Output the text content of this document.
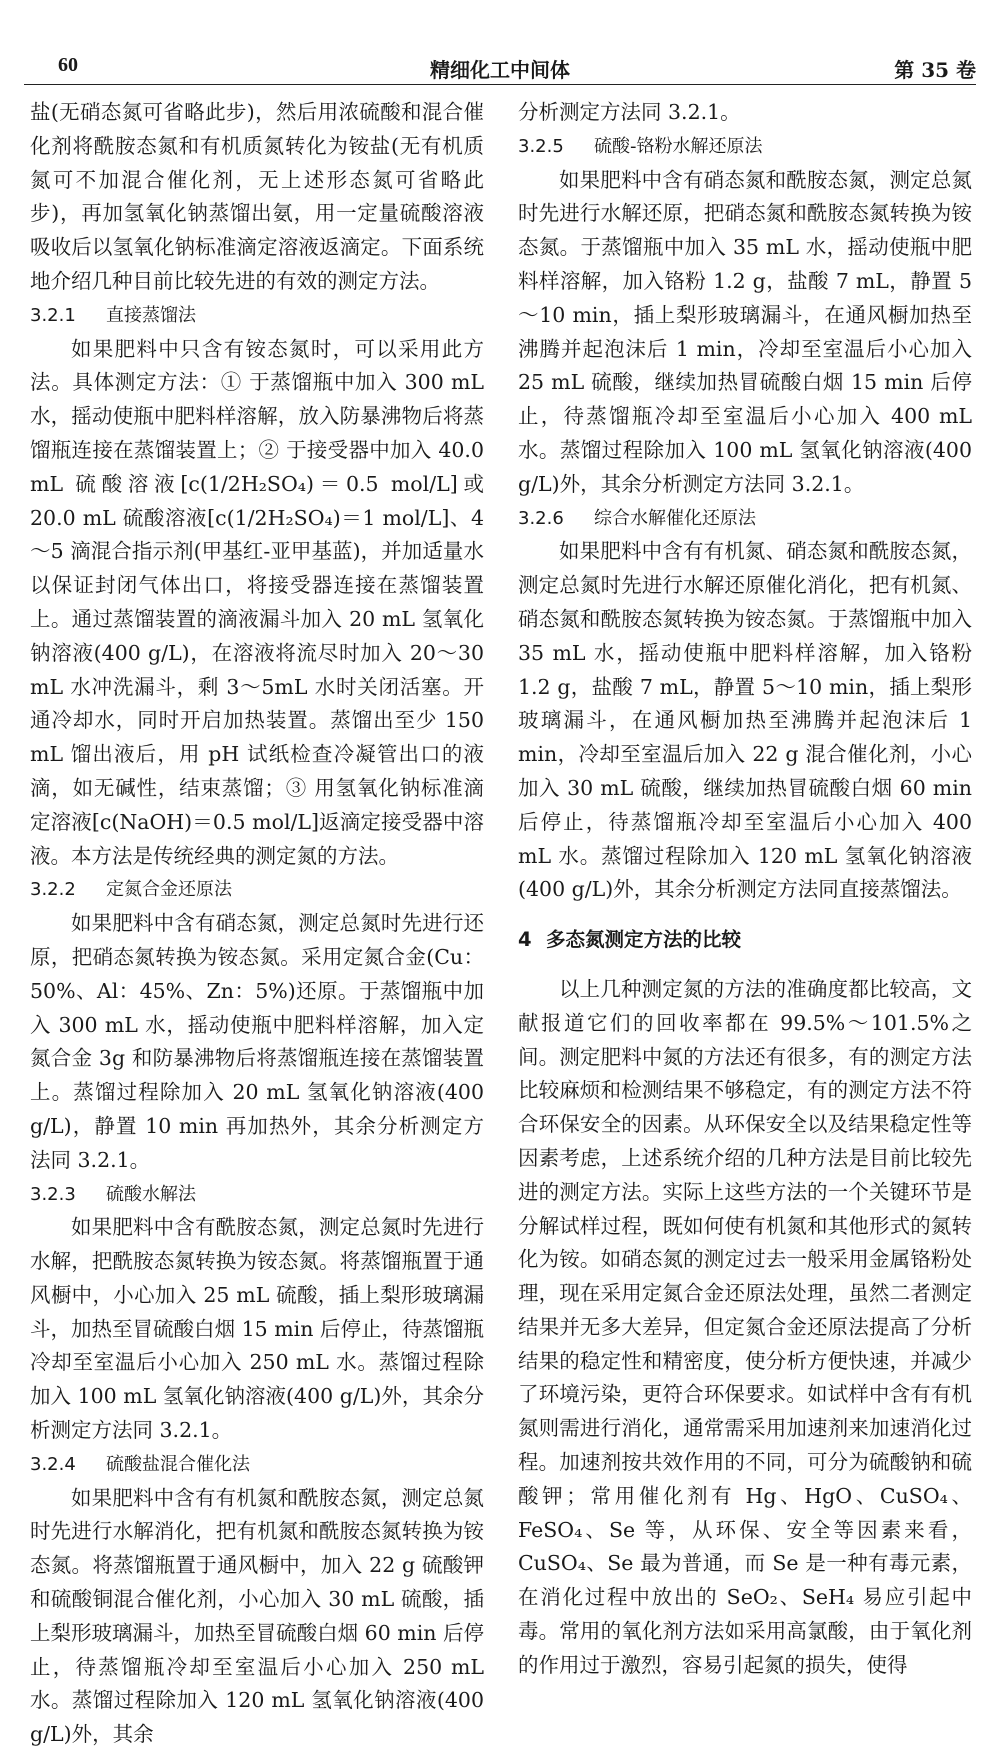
60	精细化工中间体	第 35 卷

盐(无硝态氮可省略此步)，然后用浓硫酸和混合催化剂将酰胺态氮和有机质氮转化为铵盐(无有机质氮可不加混合催化剂，无上述形态氮可省略此步)，再加氢氧化钠蒸馏出氨，用一定量硫酸溶液吸收后以氢氧化钠标准滴定溶液返滴定。下面系统地介绍几种目前比较先进的有效的测定方法。

3.2.1 直接蒸馏法

如果肥料中只含有铵态氮时，可以采用此方法。具体测定方法：① 于蒸馏瓶中加入 300 mL 水，摇动使瓶中肥料样溶解，放入防暴沸物后将蒸馏瓶连接在蒸馏装置上；② 于接受器中加入 40.0 mL 硫酸溶液[c(1/2H₂SO₄)＝0.5 mol/L]或 20.0 mL 硫酸溶液[c(1/2H₂SO₄)＝1 mol/L]、4～5 滴混合指示剂(甲基红-亚甲基蓝)，并加适量水以保证封闭气体出口，将接受器连接在蒸馏装置上。通过蒸馏装置的滴液漏斗加入 20 mL 氢氧化钠溶液(400 g/L)，在溶液将流尽时加入 20～30 mL 水冲洗漏斗，剩 3～5mL 水时关闭活塞。开通冷却水，同时开启加热装置。蒸馏出至少 150 mL 馏出液后，用 pH 试纸检查冷凝管出口的液滴，如无碱性，结束蒸馏；③ 用氢氧化钠标准滴定溶液[c(NaOH)＝0.5 mol/L]返滴定接受器中溶液。本方法是传统经典的测定氮的方法。

3.2.2 定氮合金还原法

如果肥料中含有硝态氮，测定总氮时先进行还原，把硝态氮转换为铵态氮。采用定氮合金(Cu：50%、Al：45%、Zn：5%)还原。于蒸馏瓶中加入 300 mL 水，摇动使瓶中肥料样溶解，加入定氮合金 3g 和防暴沸物后将蒸馏瓶连接在蒸馏装置上。蒸馏过程除加入 20 mL 氢氧化钠溶液(400 g/L)，静置 10 min 再加热外，其余分析测定方法同 3.2.1。

3.2.3 硫酸水解法

如果肥料中含有酰胺态氮，测定总氮时先进行水解，把酰胺态氮转换为铵态氮。将蒸馏瓶置于通风橱中，小心加入 25 mL 硫酸，插上梨形玻璃漏斗，加热至冒硫酸白烟 15 min 后停止，待蒸馏瓶冷却至室温后小心加入 250 mL 水。蒸馏过程除加入 100 mL 氢氧化钠溶液(400 g/L)外，其余分析测定方法同 3.2.1。

3.2.4 硫酸盐混合催化法

如果肥料中含有有机氮和酰胺态氮，测定总氮时先进行水解消化，把有机氮和酰胺态氮转换为铵态氮。将蒸馏瓶置于通风橱中，加入 22 g 硫酸钾和硫酸铜混合催化剂，小心加入 30 mL 硫酸，插上梨形玻璃漏斗，加热至冒硫酸白烟 60 min 后停止，待蒸馏瓶冷却至室温后小心加入 250 mL 水。蒸馏过程除加入 120 mL 氢氧化钠溶液(400 g/L)外，其余

分析测定方法同 3.2.1。

3.2.5 硫酸-铬粉水解还原法

如果肥料中含有硝态氮和酰胺态氮，测定总氮时先进行水解还原，把硝态氮和酰胺态氮转换为铵态氮。于蒸馏瓶中加入 35 mL 水，摇动使瓶中肥料样溶解，加入铬粉 1.2 g，盐酸 7 mL，静置 5～10 min，插上梨形玻璃漏斗，在通风橱加热至沸腾并起泡沫后 1 min，冷却至室温后小心加入 25 mL 硫酸，继续加热冒硫酸白烟 15 min 后停止，待蒸馏瓶冷却至室温后小心加入 400 mL 水。蒸馏过程除加入 100 mL 氢氧化钠溶液(400 g/L)外，其余分析测定方法同 3.2.1。

3.2.6 综合水解催化还原法

如果肥料中含有有机氮、硝态氮和酰胺态氮，测定总氮时先进行水解还原催化消化，把有机氮、硝态氮和酰胺态氮转换为铵态氮。于蒸馏瓶中加入 35 mL 水，摇动使瓶中肥料样溶解，加入铬粉 1.2 g，盐酸 7 mL，静置 5～10 min，插上梨形玻璃漏斗，在通风橱加热至沸腾并起泡沫后 1 min，冷却至室温后加入 22 g 混合催化剂，小心加入 30 mL 硫酸，继续加热冒硫酸白烟 60 min 后停止，待蒸馏瓶冷却至室温后小心加入 400 mL 水。蒸馏过程除加入 120 mL 氢氧化钠溶液(400 g/L)外，其余分析测定方法同直接蒸馏法。

4 多态氮测定方法的比较

以上几种测定氮的方法的准确度都比较高，文献报道它们的回收率都在 99.5%～101.5%之间。测定肥料中氮的方法还有很多，有的测定方法比较麻烦和检测结果不够稳定，有的测定方法不符合环保安全的因素。从环保安全以及结果稳定性等因素考虑，上述系统介绍的几种方法是目前比较先进的测定方法。实际上这些方法的一个关键环节是分解试样过程，既如何使有机氮和其他形式的氮转化为铵。如硝态氮的测定过去一般采用金属铬粉处理，现在采用定氮合金还原法处理，虽然二者测定结果并无多大差异，但定氮合金还原法提高了分析结果的稳定性和精密度，使分析方便快速，并减少了环境污染，更符合环保要求。如试样中含有有机氮则需进行消化，通常需采用加速剂来加速消化过程。加速剂按共效作用的不同，可分为硫酸钠和硫酸钾；常用催化剂有 Hg、HgO、CuSO₄、FeSO₄、Se 等，从环保、安全等因素来看，CuSO₄、Se 最为普通，而 Se 是一种有毒元素，在消化过程中放出的 SeO₂、SeH₄ 易应引起中毒。常用的氧化剂方法如采用高氯酸，由于氧化剂的作用过于激烈，容易引起氮的损失，使得
